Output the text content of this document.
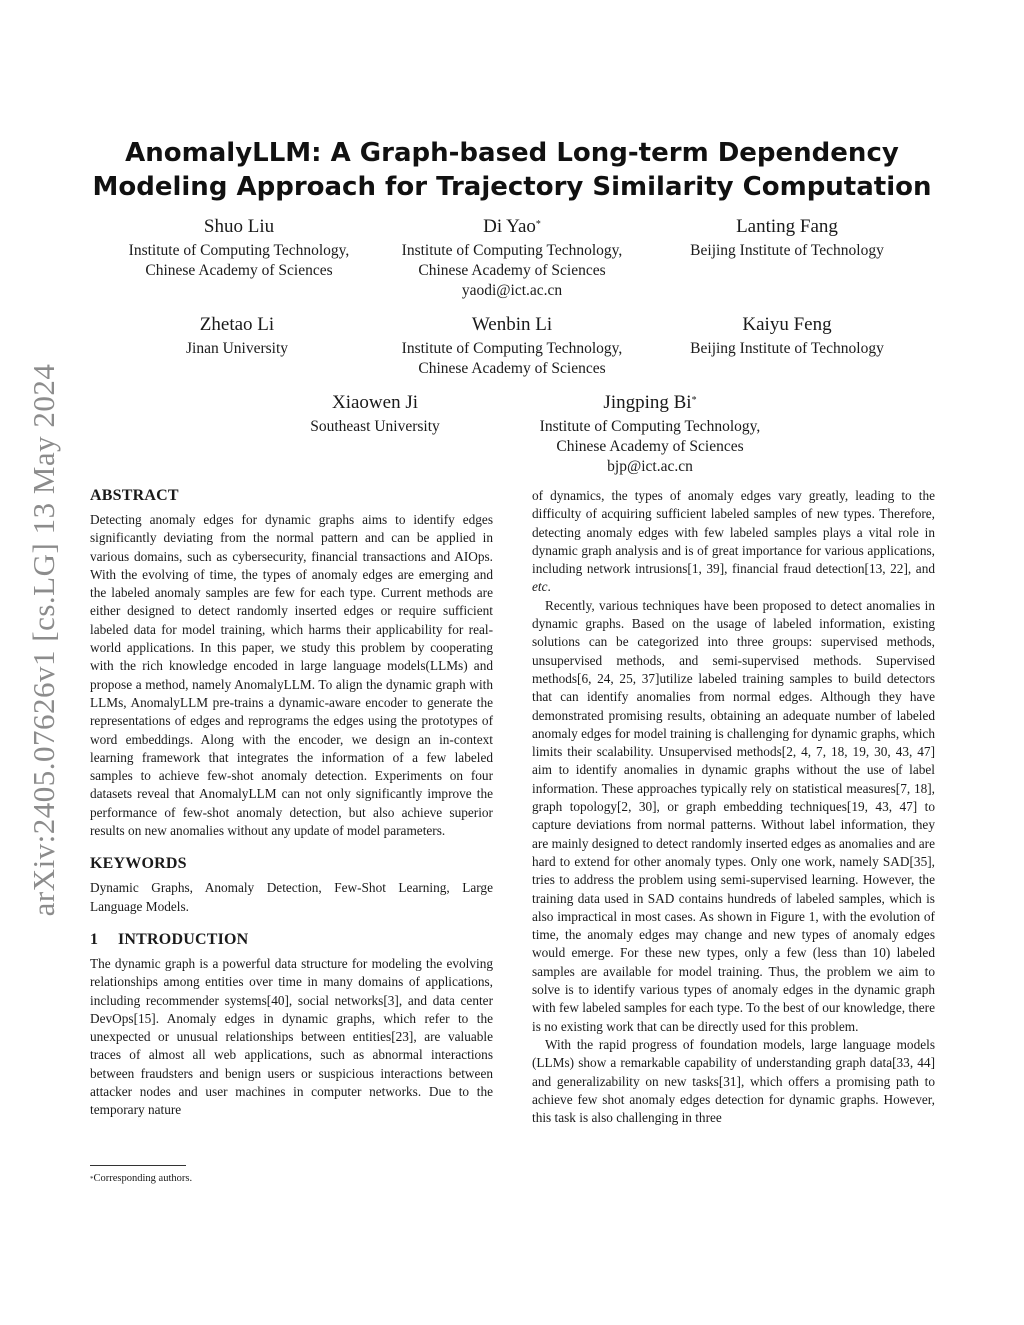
arXiv:2405.07626v1 [cs.LG] 13 May 2024
AnomalyLLM: A Graph-based Long-term Dependency Modeling Approach for Trajectory Similarity Computation
Shuo Liu
Institute of Computing Technology,
Chinese Academy of Sciences
Di Yao*
Institute of Computing Technology,
Chinese Academy of Sciences
yaodi@ict.ac.cn
Lanting Fang
Beijing Institute of Technology
Zhetao Li
Jinan University
Wenbin Li
Institute of Computing Technology,
Chinese Academy of Sciences
Kaiyu Feng
Beijing Institute of Technology
Xiaowen Ji
Southeast University
Jingping Bi*
Institute of Computing Technology,
Chinese Academy of Sciences
bjp@ict.ac.cn
ABSTRACT

Detecting anomaly edges for dynamic graphs aims to identify edges significantly deviating from the normal pattern and can be applied in various domains, such as cybersecurity, financial transactions and AIOps. With the evolving of time, the types of anomaly edges are emerging and the labeled anomaly samples are few for each type. Current methods are either designed to detect randomly inserted edges or require sufficient labeled data for model training, which harms their applicability for real-world applications. In this paper, we study this problem by cooperating with the rich knowledge encoded in large language models(LLMs) and propose a method, namely AnomalyLLM. To align the dynamic graph with LLMs, AnomalyLLM pre-trains a dynamic-aware encoder to generate the representations of edges and reprograms the edges using the prototypes of word embeddings. Along with the encoder, we design an in-context learning framework that integrates the information of a few labeled samples to achieve few-shot anomaly detection. Experiments on four datasets reveal that AnomalyLLM can not only significantly improve the performance of few-shot anomaly detection, but also achieve superior results on new anomalies without any update of model parameters.

KEYWORDS

Dynamic Graphs, Anomaly Detection, Few-Shot Learning, Large Language Models.

1 INTRODUCTION

The dynamic graph is a powerful data structure for modeling the evolving relationships among entities over time in many domains of applications, including recommender systems[40], social networks[3], and data center DevOps[15]. Anomaly edges in dynamic graphs, which refer to the unexpected or unusual relationships between entities[23], are valuable traces of almost all web applications, such as abnormal interactions between fraudsters and benign users or suspicious interactions between attacker nodes and user machines in computer networks. Due to the temporary nature

*Corresponding authors.

of dynamics, the types of anomaly edges vary greatly, leading to the difficulty of acquiring sufficient labeled samples of new types. Therefore, detecting anomaly edges with few labeled samples plays a vital role in dynamic graph analysis and is of great importance for various applications, including network intrusions[1, 39], financial fraud detection[13, 22], and etc.

Recently, various techniques have been proposed to detect anomalies in dynamic graphs. Based on the usage of labeled information, existing solutions can be categorized into three groups: supervised methods, unsupervised methods, and semi-supervised methods. Supervised methods[6, 24, 25, 37]utilize labeled training samples to build detectors that can identify anomalies from normal edges. Although they have demonstrated promising results, obtaining an adequate number of labeled anomaly edges for model training is challenging for dynamic graphs, which limits their scalability. Unsupervised methods[2, 4, 7, 18, 19, 30, 43, 47] aim to identify anomalies in dynamic graphs without the use of label information. These approaches typically rely on statistical measures[7, 18], graph topology[2, 30], or graph embedding techniques[19, 43, 47] to capture deviations from normal patterns. Without label information, they are mainly designed to detect randomly inserted edges as anomalies and are hard to extend for other anomaly types. Only one work, namely SAD[35], tries to address the problem using semi-supervised learning. However, the training data used in SAD contains hundreds of labeled samples, which is also impractical in most cases. As shown in Figure 1, with the evolution of time, the anomaly edges may change and new types of anomaly edges would emerge. For these new types, only a few (less than 10) labeled samples are available for model training. Thus, the problem we aim to solve is to identify various types of anomaly edges in the dynamic graph with few labeled samples for each type. To the best of our knowledge, there is no existing work that can be directly used for this problem.

With the rapid progress of foundation models, large language models (LLMs) show a remarkable capability of understanding graph data[33, 44] and generalizability on new tasks[31], which offers a promising path to achieve few shot anomaly edges detection for dynamic graphs. However, this task is also challenging in three
